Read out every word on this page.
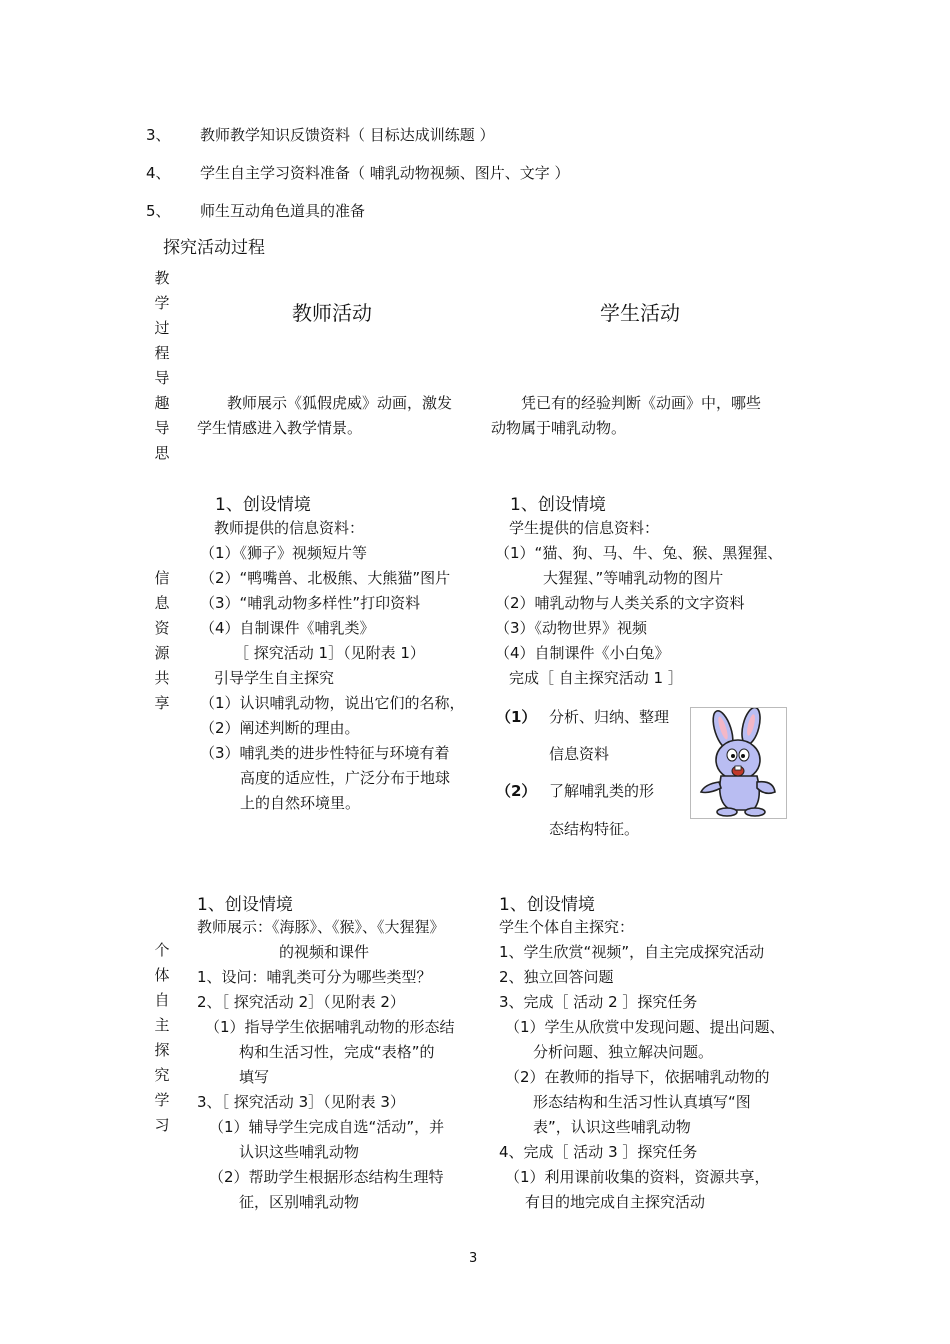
3、 教师教学知识反馈资料（ 目标达成训练题 ）
4、 学生自主学习资料准备（ 哺乳动物视频、图片、文字 ）
5、 师生互动角色道具的准备
探究活动过程
教
学
过
程
导
趣
导
思
教师活动	学生活动
教师展示《狐假虎威》动画，激发
学生情感进入教学情景。
凭已有的经验判断《动画》中，哪些
动物属于哺乳动物。
信
息
资
源
共
享
1、创设情境
教师提供的信息资料：
（1）《狮子》视频短片等
（2）“鸭嘴兽、北极熊、大熊猫”图片
（3）“哺乳动物多样性”打印资料
（4）自制课件《哺乳类》
［ 探究活动 1］（见附表 1）
引导学生自主探究
（1）认识哺乳动物，说出它们的名称，
（2）阐述判断的理由。
（3）哺乳类的进步性特征与环境有着
高度的适应性，广泛分布于地球
上的自然环境里。
1、创设情境
学生提供的信息资料：
（1）“猫、狗、马、牛、兔、猴、黑猩猩、
大猩猩、”等哺乳动物的图片
（2）哺乳动物与人类关系的文字资料
（3）《动物世界》视频
（4）自制课件《小白兔》
完成［ 自主探究活动 1 ］
（1） 分析、归纳、整理
信息资料
（2） 了解哺乳类的形
态结构特征。
个
体
自
主
探
究
学
习
1、创设情境
教师展示：《海豚》、《猴》、《大猩猩》
的视频和课件
1、设问：哺乳类可分为哪些类型？
2、［ 探究活动 2］（见附表 2）
（1）指导学生依据哺乳动物的形态结
构和生活习性，完成“表格”的
填写
3、［ 探究活动 3］（见附表 3）
（1）辅导学生完成自选“活动”，并
认识这些哺乳动物
（2）帮助学生根据形态结构生理特
征，区别哺乳动物
1、创设情境
学生个体自主探究：
1、学生欣赏“视频”，自主完成探究活动
2、独立回答问题
3、完成［ 活动 2 ］探究任务
（1）学生从欣赏中发现问题、提出问题、
分析问题、独立解决问题。
（2）在教师的指导下，依据哺乳动物的
形态结构和生活习性认真填写“图
表”，认识这些哺乳动物
4、完成［ 活动 3 ］探究任务
（1）利用课前收集的资料，资源共享，
有目的地完成自主探究活动
3
